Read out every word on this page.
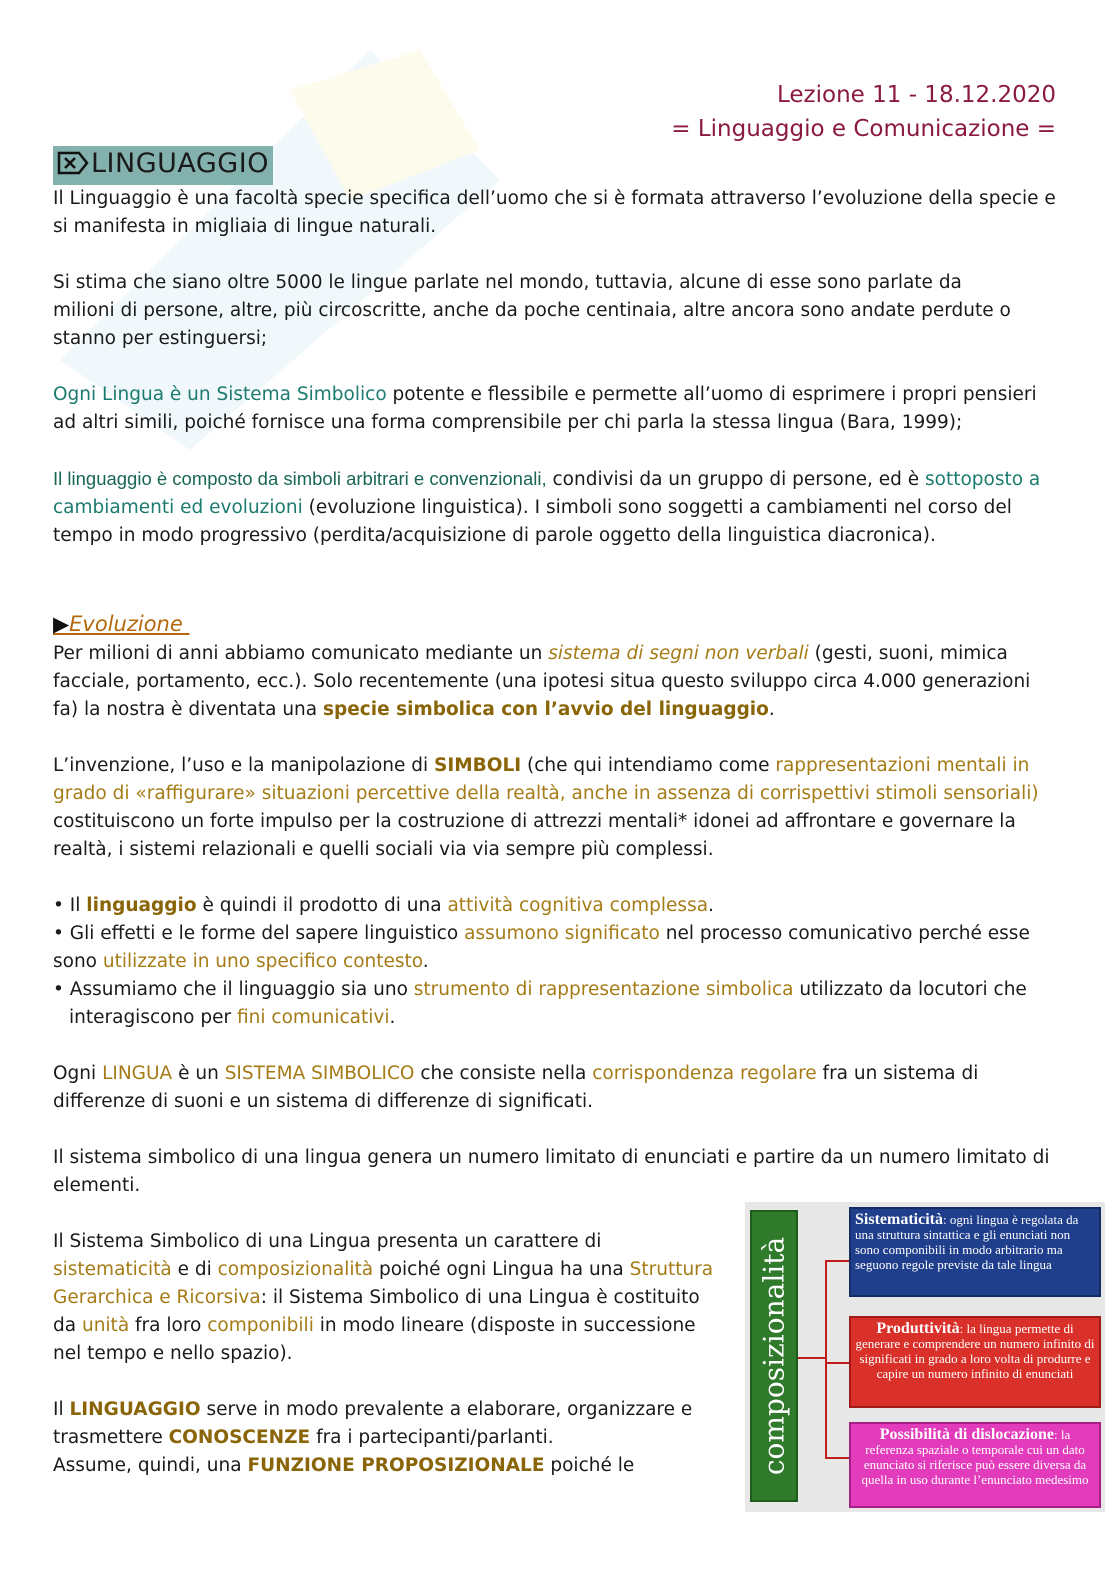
Lezione 11 - 18.12.2020
= Linguaggio e Comunicazione =
LINGUAGGIO

Il Linguaggio è una facoltà specie specifica dell’uomo che si è formata attraverso l’evoluzione della specie e si manifesta in migliaia di lingue naturali.

Si stima che siano oltre 5000 le lingue parlate nel mondo, tuttavia, alcune di esse sono parlate da
milioni di persone, altre, più circoscritte, anche da poche centinaia, altre ancora sono andate perdute o stanno per estinguersi;

Ogni Lingua è un Sistema Simbolico potente e flessibile e permette all’uomo di esprimere i propri pensieri ad altri simili, poiché fornisce una forma comprensibile per chi parla la stessa lingua (Bara, 1999);

Il linguaggio è composto da simboli arbitrari e convenzionali, condivisi da un gruppo di persone, ed è sottoposto a cambiamenti ed evoluzioni (evoluzione linguistica). I simboli sono soggetti a cambiamenti nel corso del tempo in modo progressivo (perdita/acquisizione di parole oggetto della linguistica diacronica).

▶Evoluzione

Per milioni di anni abbiamo comunicato mediante un sistema di segni non verbali (gesti, suoni, mimica facciale, portamento, ecc.). Solo recentemente (una ipotesi situa questo sviluppo circa 4.000 generazioni fa) la nostra è diventata una specie simbolica con l’avvio del linguaggio.

L’invenzione, l’uso e la manipolazione di SIMBOLI (che qui intendiamo come rappresentazioni mentali in grado di «raffigurare» situazioni percettive della realtà, anche in assenza di corrispettivi stimoli sensoriali) costituiscono un forte impulso per la costruzione di attrezzi mentali* idonei ad affrontare e governare la realtà, i sistemi relazionali e quelli sociali via via sempre più complessi.

• Il linguaggio è quindi il prodotto di una attività cognitiva complessa.
• Gli effetti e le forme del sapere linguistico assumono significato nel processo comunicativo perché esse sono utilizzate in uno specifico contesto.
• Assumiamo che il linguaggio sia uno strumento di rappresentazione simbolica utilizzato da locutori che interagiscono per fini comunicativi.

Ogni LINGUA è un SISTEMA SIMBOLICO che consiste nella corrispondenza regolare fra un sistema di differenze di suoni e un sistema di differenze di significati.

Il sistema simbolico di una lingua genera un numero limitato di enunciati e partire da un numero limitato di elementi.

Il Sistema Simbolico di una Lingua presenta un carattere di sistematicità e di composizionalità poiché ogni Lingua ha una Struttura Gerarchica e Ricorsiva: il Sistema Simbolico di una Lingua è costituito da unità fra loro componibili in modo lineare (disposte in successione nel tempo e nello spazio).

Il LINGUAGGIO serve in modo prevalente a elaborare, organizzare e trasmettere CONOSCENZE fra i partecipanti/parlanti.
Assume, quindi, una FUNZIONE PROPOSIZIONALE poiché le	composizionalità
Sistematicità: ogni lingua è regolata da una struttura sintattica e gli enunciati non sono componibili in modo arbitrario ma seguono regole previste da tale lingua
Produttività: la lingua permette di generare e comprendere un numero infinito di significati in grado a loro volta di produrre e capire un numero infinito di enunciati
Possibilità di dislocazione: la referenza spaziale o temporale cui un dato enunciato si riferisce può essere diversa da quella in uso durante l’enunciato medesimo
